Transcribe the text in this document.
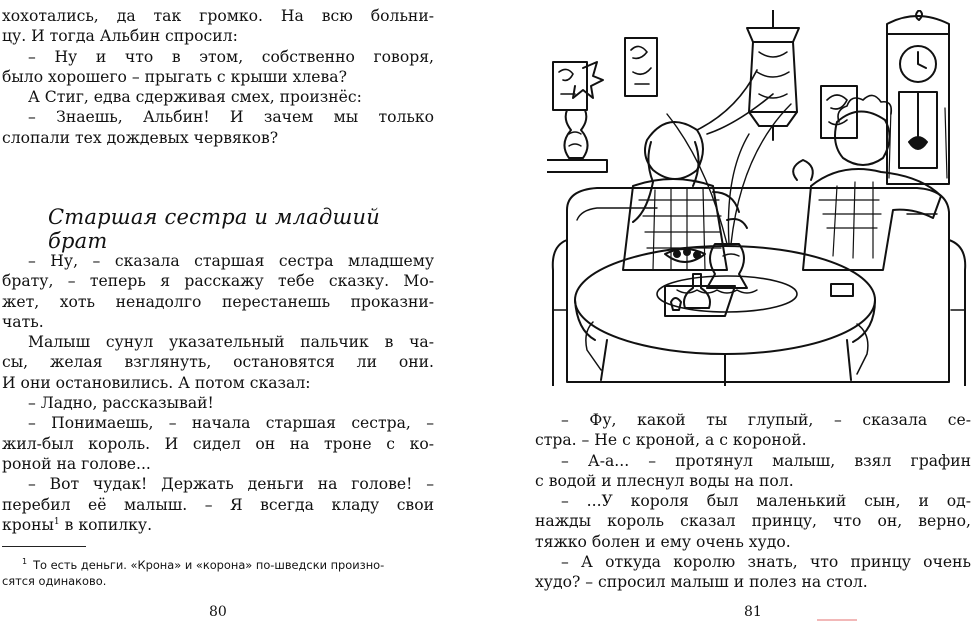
хохотались, да так громко. На всю больни-

цу. И тогда Альбин спросил:

– Ну и что в этом, собственно говоря,

было хорошего – прыгать с крыши хлева?

А Стиг, едва сдерживая смех, произнёс:

– Знаешь, Альбин! И зачем мы только

слопали тех дождевых червяков?

Старшая сестра и младший брат

– Ну, – сказала старшая сестра младшему

брату, – теперь я расскажу тебе сказку. Мо-

жет, хоть ненадолго перестанешь проказни-

чать.

Малыш сунул указательный пальчик в ча-

сы, желая взглянуть, остановятся ли они.

И они остановились. А потом сказал:

– Ладно, рассказывай!

– Понимаешь, – начала старшая сестра, –

жил-был король. И сидел он на троне с ко-

роной на голове...

– Вот чудак! Держать деньги на голове! –

перебил её малыш. – Я всегда кладу свои

кроны$^1$ в копилку.

$^1$ То есть деньги. «Крона» и «корона» по-шведски произно-
сятся одинаково.
80

– Фу, какой ты глупый, – сказала се-

стра. – Не с кроной, а с короной.

– А-а... – протянул малыш, взял графин

с водой и плеснул воды на пол.

– ...У короля был маленький сын, и од-

нажды король сказал принцу, что он, верно,

тяжко болен и ему очень худо.

– А откуда королю знать, что принцу очень

худо? – спросил малыш и полез на стол.

81
